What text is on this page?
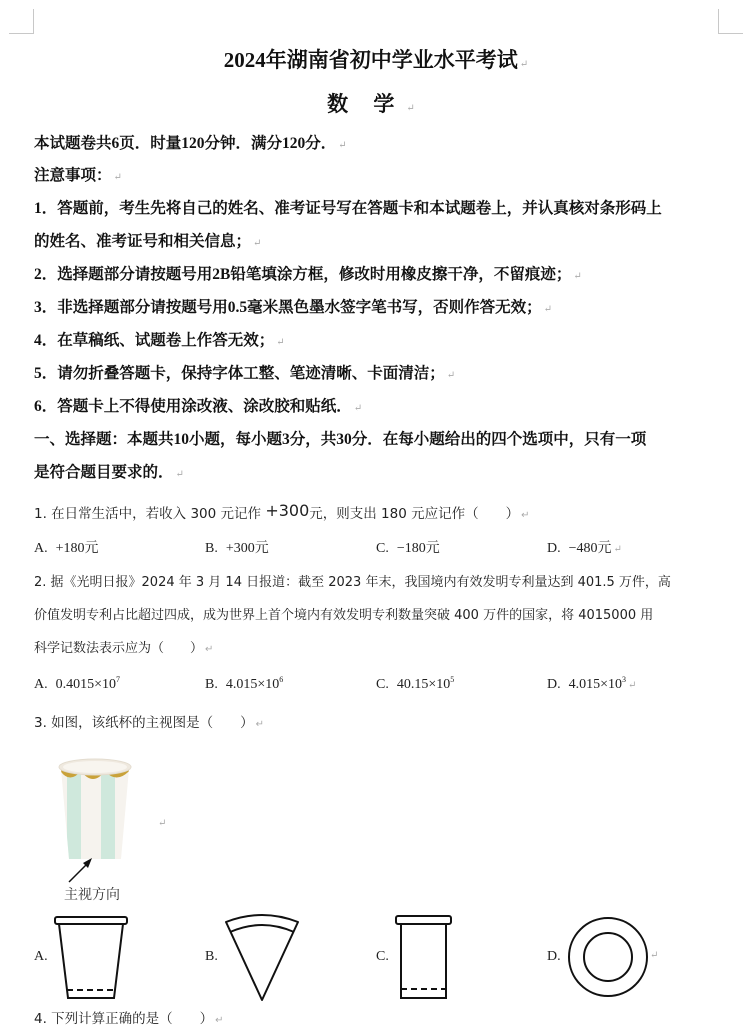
2024年湖南省初中学业水平考试 ↵
数 学 ↵
本试题卷共6页．时量120分钟．满分120分． ↵
注意事项： ↵
1．答题前，考生先将自己的姓名、准考证号写在答题卡和本试题卷上，并认真核对条形码上
的姓名、准考证号和相关信息； ↵
2．选择题部分请按题号用2B铅笔填涂方框，修改时用橡皮擦干净，不留痕迹； ↵
3．非选择题部分请按题号用0.5毫米黑色墨水签字笔书写，否则作答无效； ↵
4．在草稿纸、试题卷上作答无效； ↵
5．请勿折叠答题卡，保持字体工整、笔迹清晰、卡面清洁； ↵
6．答题卡上不得使用涂改液、涂改胶和贴纸． ↵
一、选择题：本题共10小题，每小题3分，共30分．在每小题给出的四个选项中，只有一项
是符合题目要求的． ↵
1. 在日常生活中，若收入 300 元记作 +300元，则支出 180 元应记作（　　） ↵
A. +180元	B. +300元	C. −180元	D. −480元 ↵
2. 据《光明日报》2024 年 3 月 14 日报道：截至 2023 年末，我国境内有效发明专利量达到 401.5 万件，高
价值发明专利占比超过四成，成为世界上首个境内有效发明专利数量突破 400 万件的国家，将 4015000 用
科学记数法表示应为（　　） ↵
A. $0.4015\times 10^7$	B. $4.015\times 10^6$	C. $40.15\times 10^5$	D. $4.015\times 10^3↵$
3. 如图，该纸杯的主视图是（　　） ↵
↵
主视方向
A.	B.	C.	D.	↵
4. 下列计算正确的是（　　） ↵
